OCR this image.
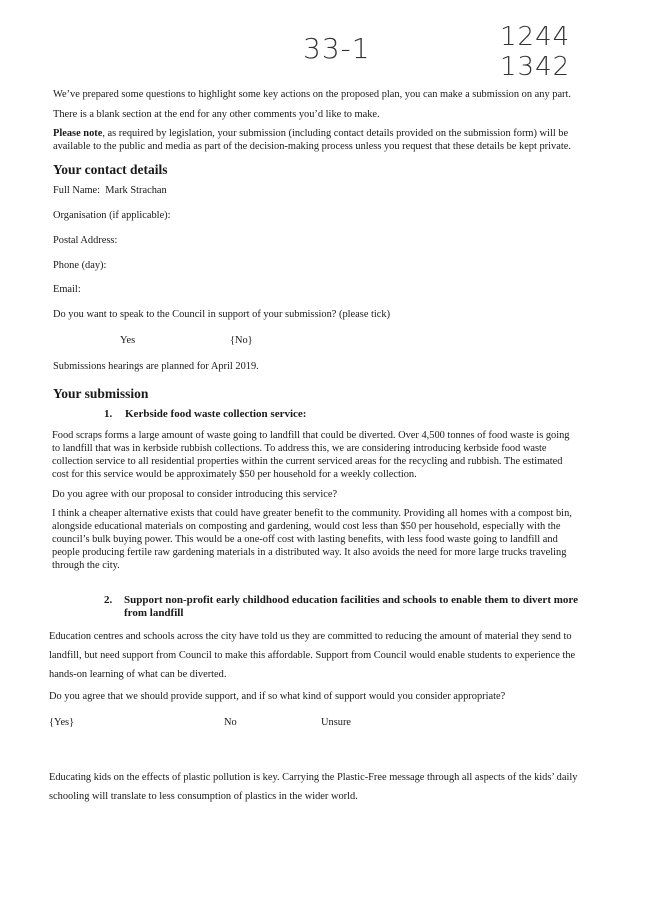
33-1	1244 1342
We’ve prepared some questions to highlight some key actions on the proposed plan, you can make a submission on any part.
There is a blank section at the end for any other comments you’d like to make.
Please note, as required by legislation, your submission (including contact details provided on the submission form) will be
available to the public and media as part of the decision-making process unless you request that these details be kept private.
Your contact details
Full Name: Mark Strachan
Organisation (if applicable):
Postal Address:
Phone (day):
Email:
Do you want to speak to the Council in support of your submission? (please tick)
Yes	{No}
Submissions hearings are planned for April 2019.
Your submission
1. Kerbside food waste collection service:
Food scraps forms a large amount of waste going to landfill that could be diverted. Over 4,500 tonnes of food waste is going
to landfill that was in kerbside rubbish collections. To address this, we are considering introducing kerbside food waste
collection service to all residential properties within the current serviced areas for the recycling and rubbish. The estimated
cost for this service would be approximately $50 per household for a weekly collection.
Do you agree with our proposal to consider introducing this service?
I think a cheaper alternative exists that could have greater benefit to the community. Providing all homes with a compost bin,
alongside educational materials on composting and gardening, would cost less than $50 per household, especially with the
council’s bulk buying power. This would be a one-off cost with lasting benefits, with less food waste going to landfill and
people producing fertile raw gardening materials in a distributed way. It also avoids the need for more large trucks traveling
through the city.
2. Support non-profit early childhood education facilities and schools to enable them to divert more
from landfill
Education centres and schools across the city have told us they are committed to reducing the amount of material they send to
landfill, but need support from Council to make this affordable. Support from Council would enable students to experience the
hands-on learning of what can be diverted.
Do you agree that we should provide support, and if so what kind of support would you consider appropriate?
{Yes}	No	Unsure
Educating kids on the effects of plastic pollution is key. Carrying the Plastic-Free message through all aspects of the kids’ daily
schooling will translate to less consumption of plastics in the wider world.
